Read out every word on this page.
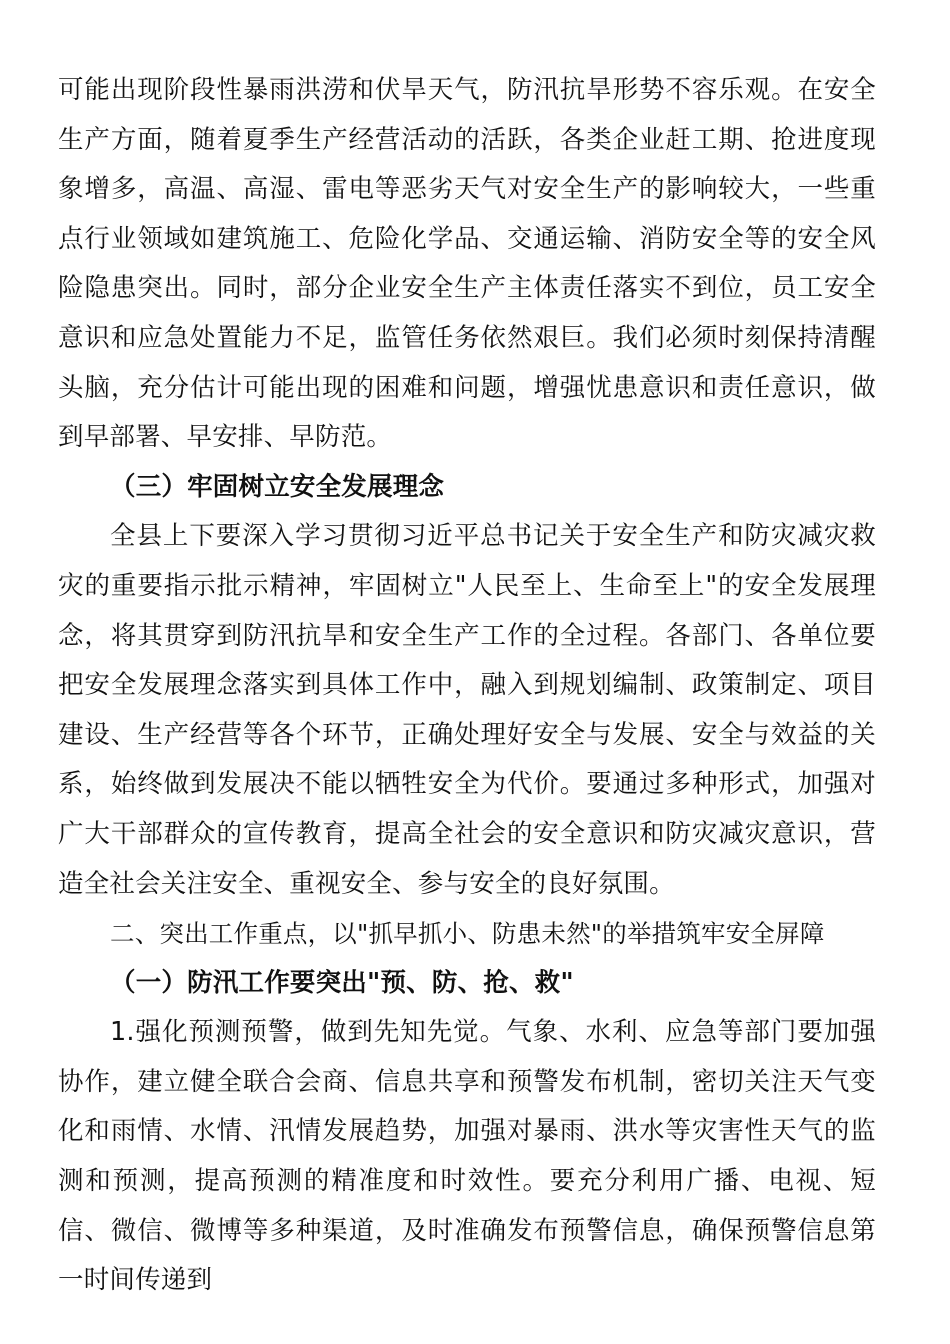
可能出现阶段性暴雨洪涝和伏旱天气，防汛抗旱形势不容乐观。在安全生产方面，随着夏季生产经营活动的活跃，各类企业赶工期、抢进度现象增多，高温、高湿、雷电等恶劣天气对安全生产的影响较大，一些重点行业领域如建筑施工、危险化学品、交通运输、消防安全等的安全风险隐患突出。同时，部分企业安全生产主体责任落实不到位，员工安全意识和应急处置能力不足，监管任务依然艰巨。我们必须时刻保持清醒头脑，充分估计可能出现的困难和问题，增强忧患意识和责任意识，做到早部署、早安排、早防范。

（三）牢固树立安全发展理念

全县上下要深入学习贯彻习近平总书记关于安全生产和防灾减灾救灾的重要指示批示精神，牢固树立"人民至上、生命至上"的安全发展理念，将其贯穿到防汛抗旱和安全生产工作的全过程。各部门、各单位要把安全发展理念落实到具体工作中，融入到规划编制、政策制定、项目建设、生产经营等各个环节，正确处理好安全与发展、安全与效益的关系，始终做到发展决不能以牺牲安全为代价。要通过多种形式，加强对广大干部群众的宣传教育，提高全社会的安全意识和防灾减灾意识，营造全社会关注安全、重视安全、参与安全的良好氛围。

二、突出工作重点，以"抓早抓小、防患未然"的举措筑牢安全屏障

（一）防汛工作要突出"预、防、抢、救"

1.强化预测预警，做到先知先觉。气象、水利、应急等部门要加强协作，建立健全联合会商、信息共享和预警发布机制，密切关注天气变化和雨情、水情、汛情发展趋势，加强对暴雨、洪水等灾害性天气的监测和预测，提高预测的精准度和时效性。要充分利用广播、电视、短信、微信、微博等多种渠道，及时准确发布预警信息，确保预警信息第一时间传递到
